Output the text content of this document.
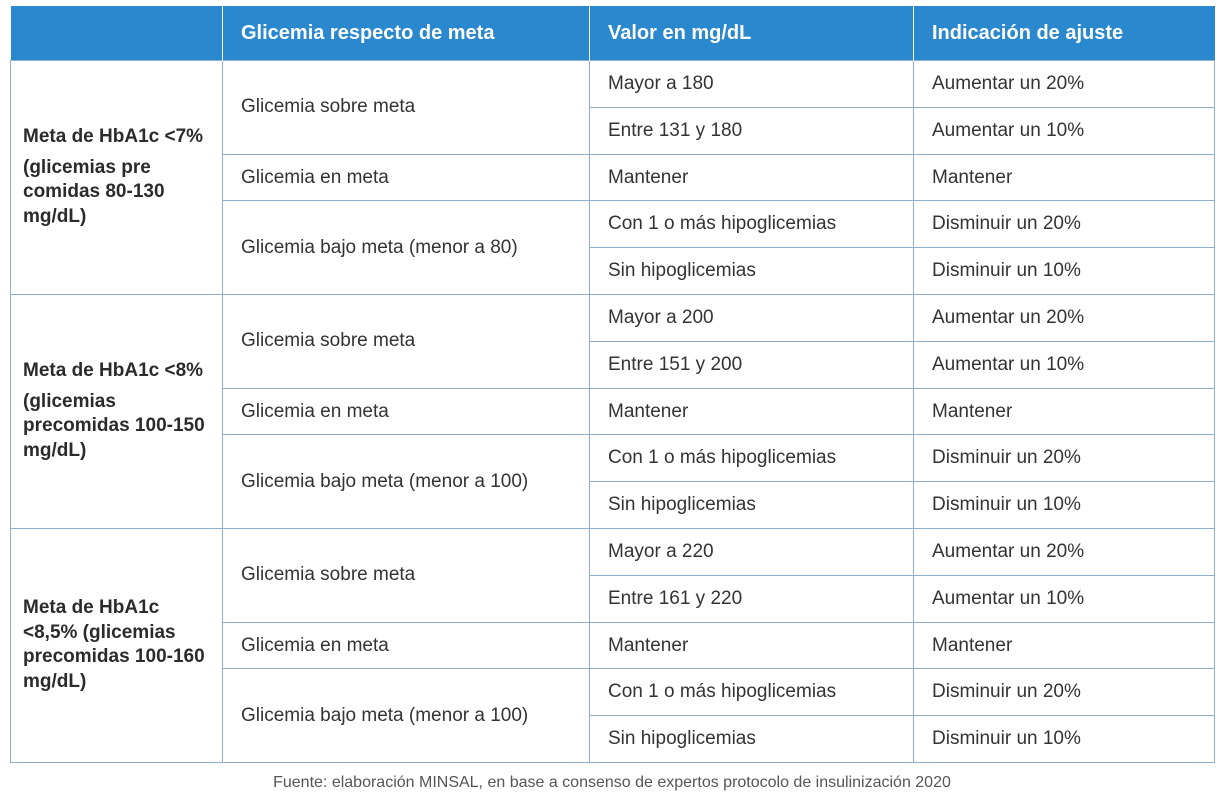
	Glicemia respecto de meta	Valor en mg/dL	Indicación de ajuste
Meta de HbA1c <7%
(glicemias pre comidas 80-130 mg/dL)	Glicemia sobre meta	Mayor a 180	Aumentar un 20%
		Entre 131 y 180	Aumentar un 10%
	Glicemia en meta	Mantener	Mantener
	Glicemia bajo meta (menor a 80)	Con 1 o más hipoglicemias	Disminuir un 20%
		Sin hipoglicemias	Disminuir un 10%
Meta de HbA1c <8%
(glicemias precomidas 100-150 mg/dL)	Glicemia sobre meta	Mayor a 200	Aumentar un 20%
		Entre 151 y 200	Aumentar un 10%
	Glicemia en meta	Mantener	Mantener
	Glicemia bajo meta (menor a 100)	Con 1 o más hipoglicemias	Disminuir un 20%
		Sin hipoglicemias	Disminuir un 10%
Meta de HbA1c <8,5% (glicemias precomidas 100-160 mg/dL)	Glicemia sobre meta	Mayor a 220	Aumentar un 20%
		Entre 161 y 220	Aumentar un 10%
	Glicemia en meta	Mantener	Mantener
	Glicemia bajo meta (menor a 100)	Con 1 o más hipoglicemias	Disminuir un 20%
		Sin hipoglicemias	Disminuir un 10%
Fuente: elaboración MINSAL, en base a consenso de expertos protocolo de insulinización 2020
